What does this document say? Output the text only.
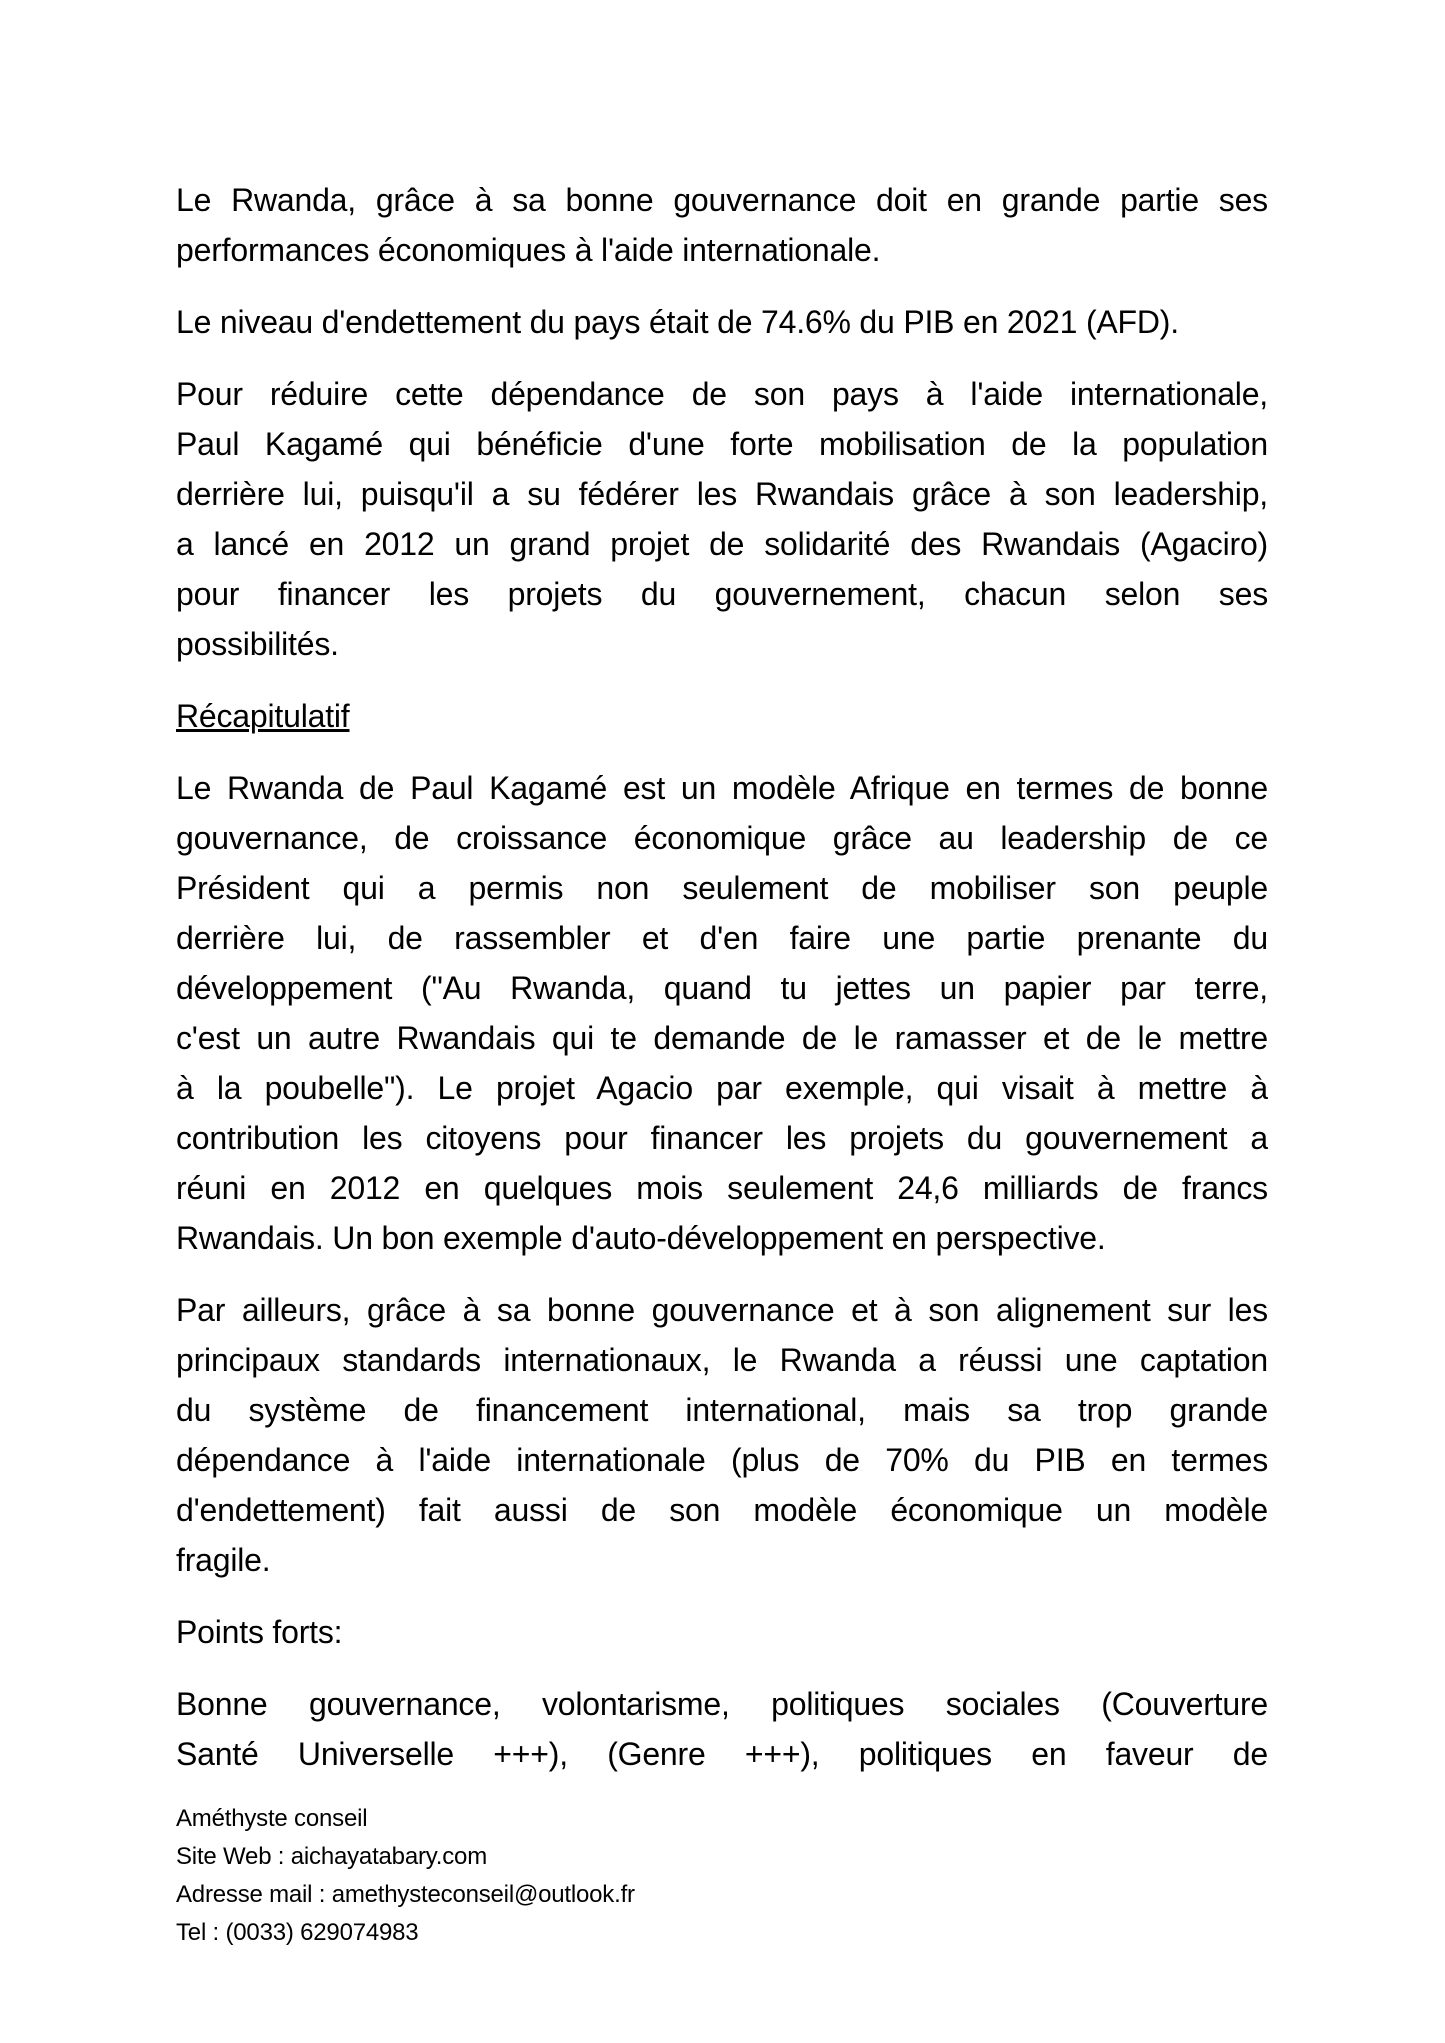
Le Rwanda, grâce à sa bonne gouvernance doit en grande partie ses
performances économiques à l'aide internationale.
Le niveau d'endettement du pays était de 74.6% du PIB en 2021 (AFD).
Pour réduire cette dépendance de son pays à l'aide internationale,
Paul Kagamé qui bénéficie d'une forte mobilisation de la population
derrière lui, puisqu'il a su fédérer les Rwandais grâce à son leadership,
a lancé en 2012 un grand projet de solidarité des Rwandais (Agaciro)
pour financer les projets du gouvernement, chacun selon ses
possibilités.
Récapitulatif
Le Rwanda de Paul Kagamé est un modèle Afrique en termes de bonne
gouvernance, de croissance économique grâce au leadership de ce
Président qui a permis non seulement de mobiliser son peuple
derrière lui, de rassembler et d'en faire une partie prenante du
développement ("Au Rwanda, quand tu jettes un papier par terre,
c'est un autre Rwandais qui te demande de le ramasser et de le mettre
à la poubelle"). Le projet Agacio par exemple, qui visait à mettre à
contribution les citoyens pour financer les projets du gouvernement a
réuni en 2012 en quelques mois seulement 24,6 milliards de francs
Rwandais. Un bon exemple d'auto-développement en perspective.
Par ailleurs, grâce à sa bonne gouvernance et à son alignement sur les
principaux standards internationaux, le Rwanda a réussi une captation
du système de financement international, mais sa trop grande
dépendance à l'aide internationale (plus de 70% du PIB en termes
d'endettement) fait aussi de son modèle économique un modèle
fragile.
Points forts:
Bonne gouvernance, volontarisme, politiques sociales (Couverture
Santé Universelle +++), (Genre +++), politiques en faveur de
Améthyste conseil
Site Web : aichayatabary.com
Adresse mail : amethysteconseil@outlook.fr
Tel : (0033) 629074983
